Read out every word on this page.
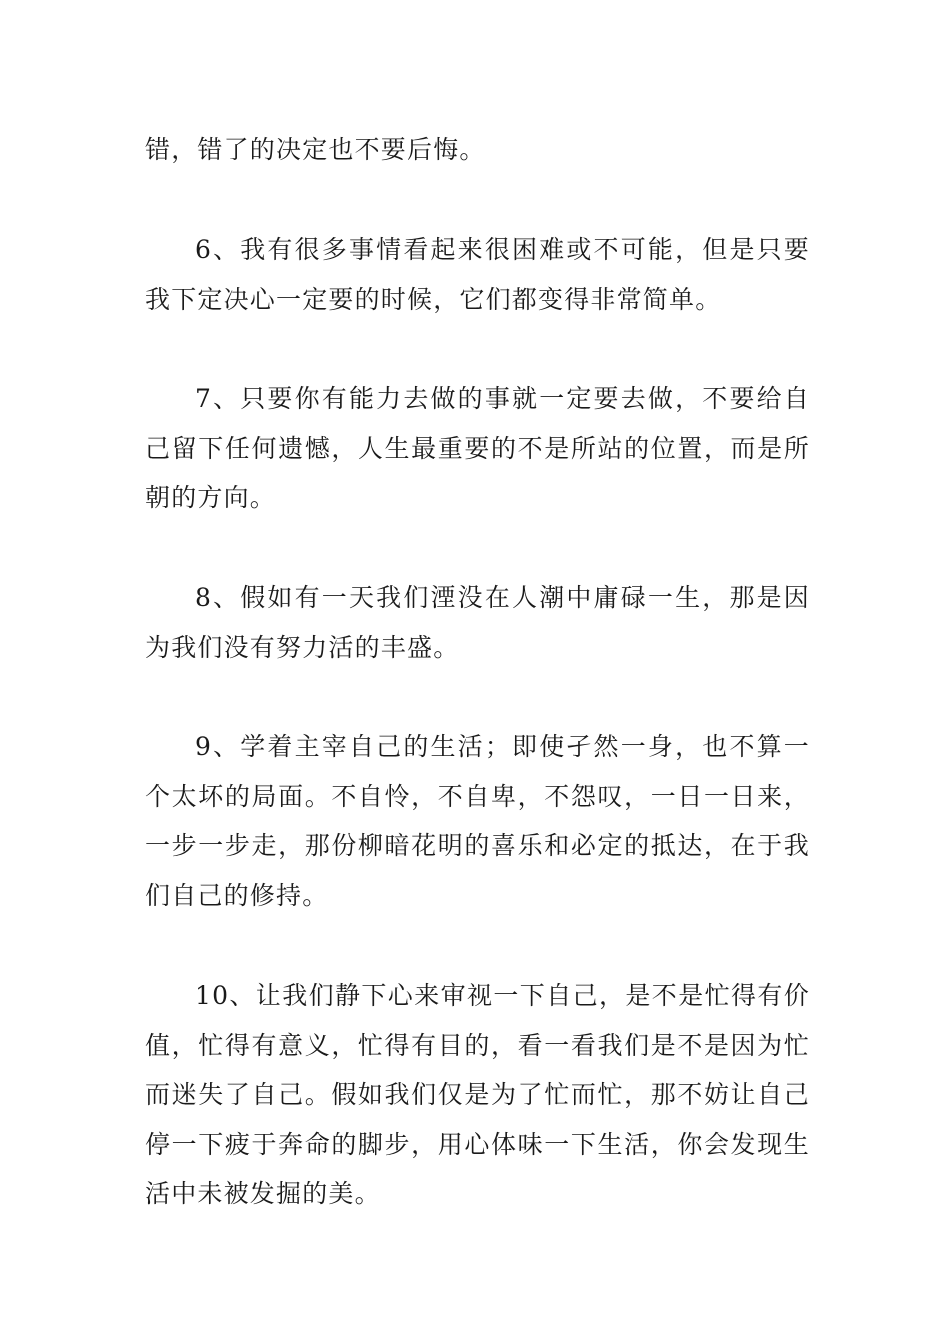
错，错了的决定也不要后悔。

6、我有很多事情看起来很困难或不可能，但是只要我下定决心一定要的时候，它们都变得非常简单。

7、只要你有能力去做的事就一定要去做，不要给自己留下任何遗憾，人生最重要的不是所站的位置，而是所朝的方向。

8、假如有一天我们湮没在人潮中庸碌一生，那是因为我们没有努力活的丰盛。

9、学着主宰自己的生活；即使孑然一身，也不算一个太坏的局面。不自怜，不自卑，不怨叹，一日一日来，一步一步走，那份柳暗花明的喜乐和必定的抵达，在于我们自己的修持。

10、让我们静下心来审视一下自己，是不是忙得有价值，忙得有意义，忙得有目的，看一看我们是不是因为忙而迷失了自己。假如我们仅是为了忙而忙，那不妨让自己停一下疲于奔命的脚步，用心体味一下生活，你会发现生活中未被发掘的美。
